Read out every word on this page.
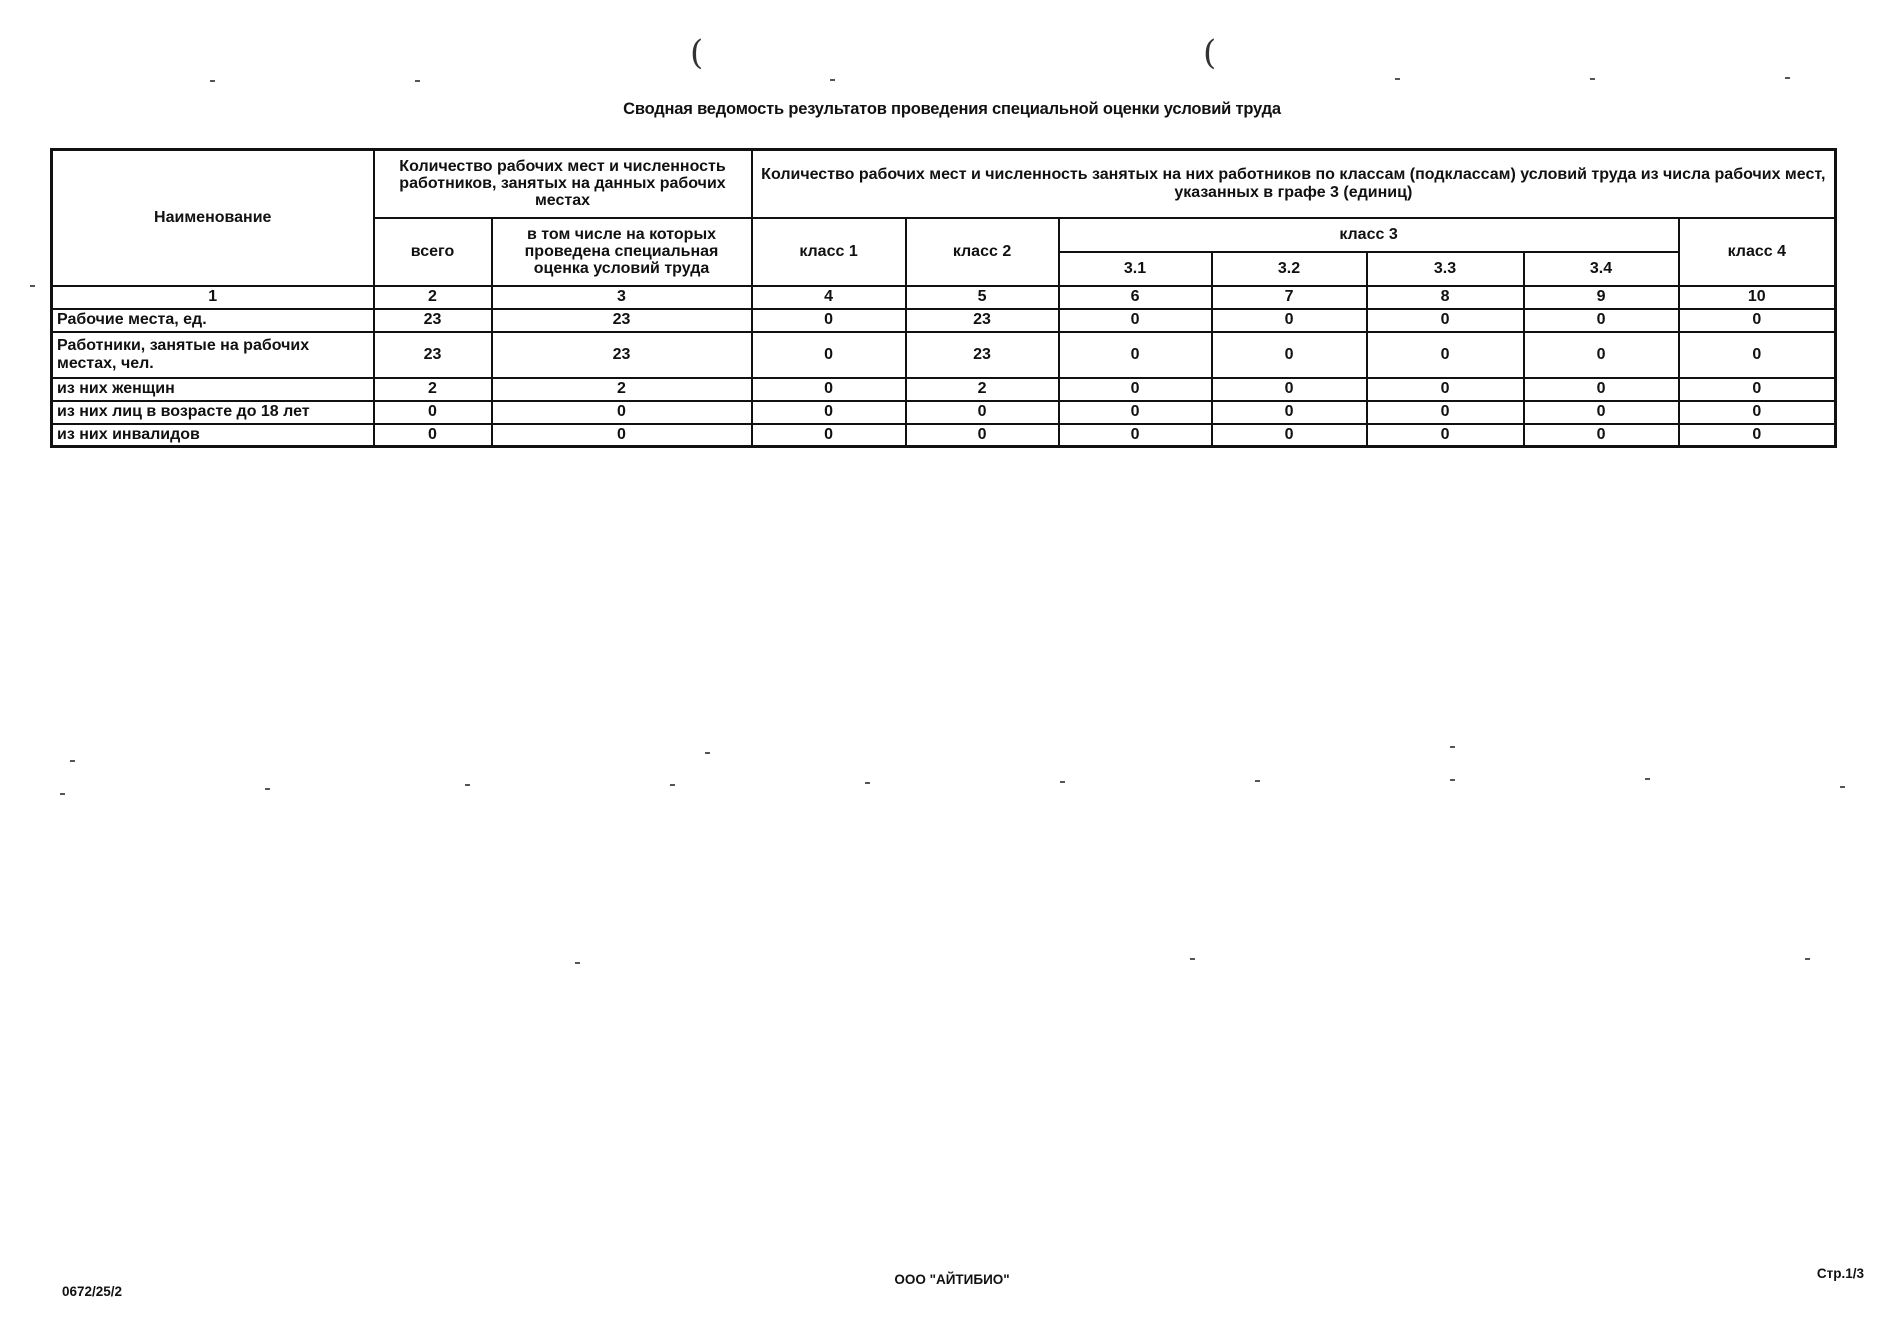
(	(
Сводная ведомость результатов проведения специальной оценки условий труда
Наименование	Количество рабочих мест и численность работников, занятых на данных рабочих местах		Количество рабочих мест и численность занятых на них работников по классам (подклассам) условий труда из числа рабочих мест, указанных в графе 3 (единиц)						
	всего	в том числе на которых проведена специальная оценка условий труда	класс 1	класс 2	класс 3				класс 4
					3.1	3.2	3.3	3.4	
1	2	3	4	5	6	7	8	9	10
Рабочие места, ед.	23	23	0	23	0	0	0	0	0
Работники, занятые на рабочих местах, чел.	23	23	0	23	0	0	0	0	0
из них женщин	2	2	0	2	0	0	0	0	0
из них лиц в возрасте до 18 лет	0	0	0	0	0	0	0	0	0
из них инвалидов	0	0	0	0	0	0	0	0	0
0672/25/2
ООО "АЙТИБИО"	Стр.1/3
